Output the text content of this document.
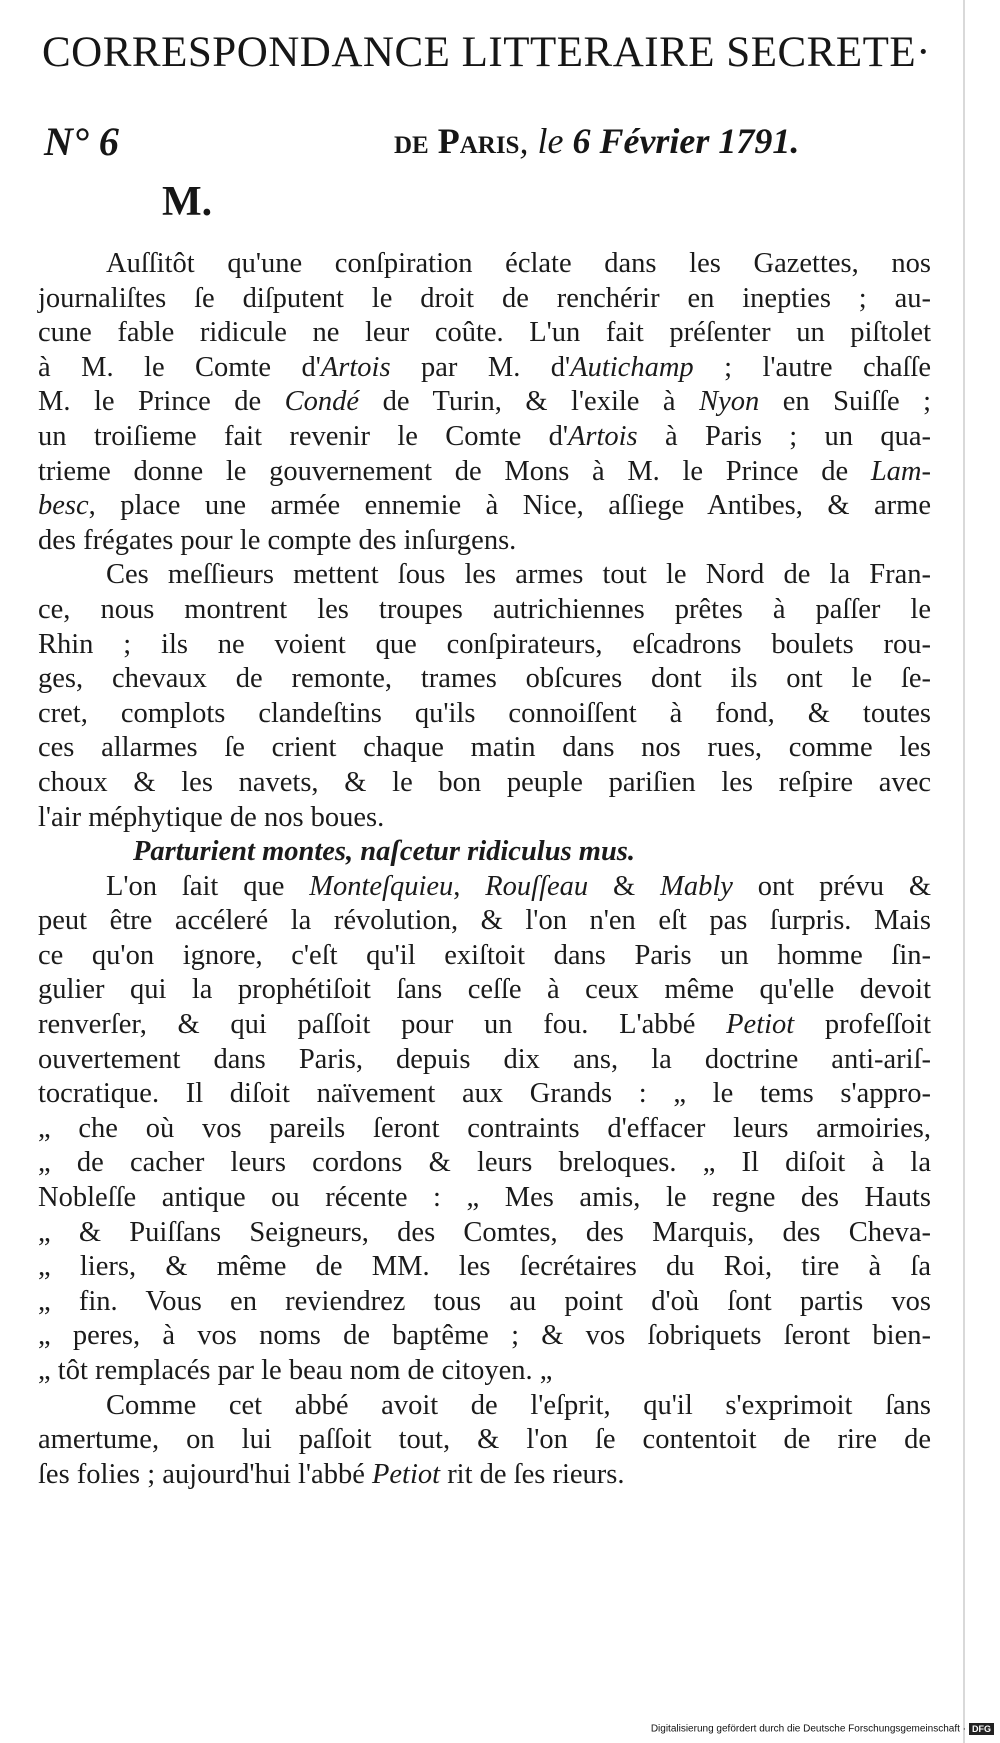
CORRESPONDANCE LITTERAIRE SECRETE·
N° 6	de Paris, le 6 Février 1791.
M.
Auſſitôt qu'une conſpiration éclate dans les Gazettes, nos
journaliſtes ſe diſputent le droit de renchérir en inepties ; au-
cune fable ridicule ne leur coûte. L'un fait préſenter un piſtolet
à M. le Comte d'Artois par M. d'Autichamp ; l'autre chaſſe
M. le Prince de Condé de Turin, & l'exile à Nyon en Suiſſe ;
un troiſieme fait revenir le Comte d'Artois à Paris ; un qua-
trieme donne le gouvernement de Mons à M. le Prince de Lam-
besc, place une armée ennemie à Nice, aſſiege Antibes, & arme
des frégates pour le compte des inſurgens.
Ces meſſieurs mettent ſous les armes tout le Nord de la Fran-
ce, nous montrent les troupes autrichiennes prêtes à paſſer le
Rhin ; ils ne voient que conſpirateurs, eſcadrons boulets rou-
ges, chevaux de remonte, trames obſcures dont ils ont le ſe-
cret, complots clandeſtins qu'ils connoiſſent à fond, & toutes
ces allarmes ſe crient chaque matin dans nos rues, comme les
choux & les navets, & le bon peuple pariſien les reſpire avec
l'air méphytique de nos boues.
Parturient montes, naſcetur ridiculus mus.
L'on ſait que Monteſquieu, Rouſſeau & Mably ont prévu &
peut être accéleré la révolution, & l'on n'en eſt pas ſurpris. Mais
ce qu'on ignore, c'eſt qu'il exiſtoit dans Paris un homme ſin-
gulier qui la prophétiſoit ſans ceſſe à ceux même qu'elle devoit
renverſer, & qui paſſoit pour un fou. L'abbé Petiot profeſſoit
ouvertement dans Paris, depuis dix ans, la doctrine anti-ariſ-
tocratique. Il diſoit naïvement aux Grands : „ le tems s'appro-
„ che où vos pareils ſeront contraints d'effacer leurs armoiries,
„ de cacher leurs cordons & leurs breloques. „ Il diſoit à la
Nobleſſe antique ou récente : „ Mes amis, le regne des Hauts
„ & Puiſſans Seigneurs, des Comtes, des Marquis, des Cheva-
„ liers, & même de MM. les ſecrétaires du Roi, tire à ſa
„ fin. Vous en reviendrez tous au point d'où ſont partis vos
„ peres, à vos noms de baptême ; & vos ſobriquets ſeront bien-
„ tôt remplacés par le beau nom de citoyen. „
Comme cet abbé avoit de l'eſprit, qu'il s'exprimoit ſans
amertume, on lui paſſoit tout, & l'on ſe contentoit de rire de
ſes folies ; aujourd'hui l'abbé Petiot rit de ſes rieurs.
Digitalisierung gefördert durch die Deutsche Forschungsgemeinschaft · DFG
